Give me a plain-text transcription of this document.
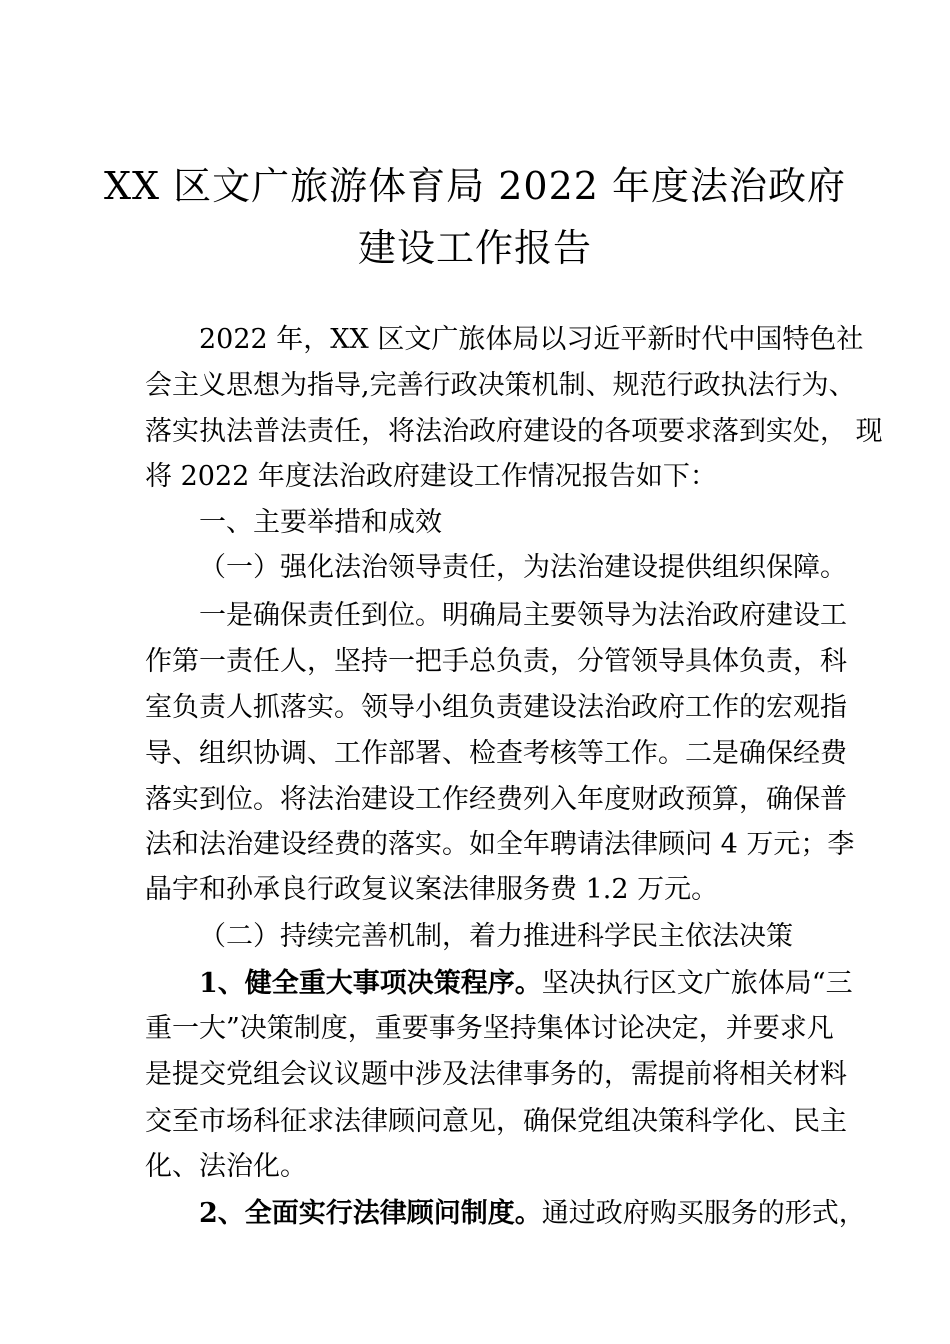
XX 区文广旅游体育局 2022 年度法治政府
建设工作报告
2022 年，XX 区文广旅体局以习近平新时代中国特色社
会主义思想为指导,完善行政决策机制、规范行政执法行为、
落实执法普法责任，将法治政府建设的各项要求落到实处， 现
将 2022 年度法治政府建设工作情况报告如下：
一、主要举措和成效
（一）强化法治领导责任，为法治建设提供组织保障。
一是确保责任到位。明确局主要领导为法治政府建设工
作第一责任人，坚持一把手总负责，分管领导具体负责，科
室负责人抓落实。领导小组负责建设法治政府工作的宏观指
导、组织协调、工作部署、检查考核等工作。二是确保经费
落实到位。将法治建设工作经费列入年度财政预算，确保普
法和法治建设经费的落实。如全年聘请法律顾问 4 万元；李
晶宇和孙承良行政复议案法律服务费 1.2 万元。
（二）持续完善机制，着力推进科学民主依法决策
1、健全重大事项决策程序。坚决执行区文广旅体局“三
重一大”决策制度，重要事务坚持集体讨论决定，并要求凡
是提交党组会议议题中涉及法律事务的，需提前将相关材料
交至市场科征求法律顾问意见，确保党组决策科学化、民主
化、法治化。
2、全面实行法律顾问制度。通过政府购买服务的形式，
